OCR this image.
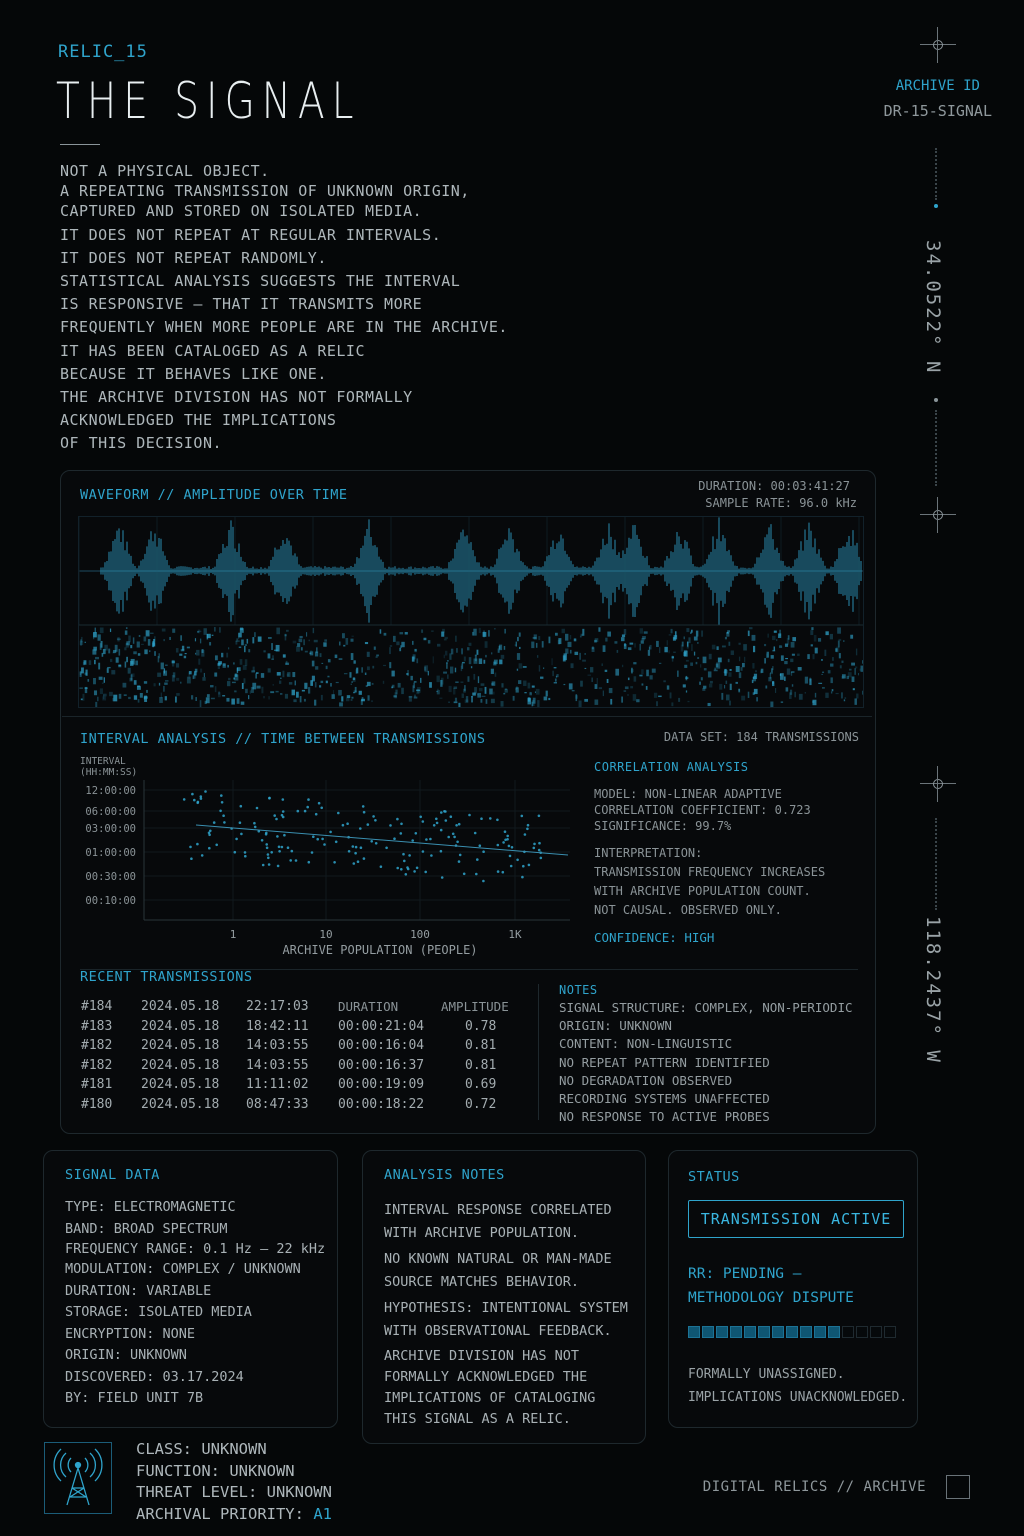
RELIC_15
THE SIGNAL
NOT A PHYSICAL OBJECT.
A REPEATING TRANSMISSION OF UNKNOWN ORIGIN,
CAPTURED AND STORED ON ISOLATED MEDIA.
IT DOES NOT REPEAT AT REGULAR INTERVALS.
IT DOES NOT REPEAT RANDOMLY.
STATISTICAL ANALYSIS SUGGESTS THE INTERVAL
IS RESPONSIVE — THAT IT TRANSMITS MORE
FREQUENTLY WHEN MORE PEOPLE ARE IN THE ARCHIVE.
IT HAS BEEN CATALOGED AS A RELIC
BECAUSE IT BEHAVES LIKE ONE.
THE ARCHIVE DIVISION HAS NOT FORMALLY
ACKNOWLEDGED THE IMPLICATIONS
OF THIS DECISION.
ARCHIVE ID
DR-15-SIGNAL
34.0522° N
118.2437° W
WAVEFORM // AMPLITUDE OVER TIME
DURATION: 00:03:41:27
SAMPLE RATE: 96.0 kHz
INTERVAL ANALYSIS // TIME BETWEEN TRANSMISSIONS	DATA SET: 184 TRANSMISSIONS
INTERVAL
(HH:MM:SS)
12:00:00
06:00:00
03:00:00
01:00:00
00:30:00
00:10:00
1	10	100	1K
ARCHIVE POPULATION (PEOPLE)
CORRELATION ANALYSIS
MODEL: NON-LINEAR ADAPTIVE
CORRELATION COEFFICIENT: 0.723
SIGNIFICANCE: 99.7%
INTERPRETATION:
TRANSMISSION FREQUENCY INCREASES
WITH ARCHIVE POPULATION COUNT.
NOT CAUSAL. OBSERVED ONLY.
CONFIDENCE: HIGH
RECENT TRANSMISSIONS
#184	2024.05.18	22:17:03	DURATION	AMPLITUDE
#183	2024.05.18	18:42:11	00:00:21:04	0.78
#182	2024.05.18	14:03:55	00:00:16:04	0.81
#182	2024.05.18	14:03:55	00:00:16:37	0.81
#181	2024.05.18	11:11:02	00:00:19:09	0.69
#180	2024.05.18	08:47:33	00:00:18:22	0.72
NOTES
SIGNAL STRUCTURE: COMPLEX, NON-PERIODIC
ORIGIN: UNKNOWN
CONTENT: NON-LINGUISTIC
NO REPEAT PATTERN IDENTIFIED
NO DEGRADATION OBSERVED
RECORDING SYSTEMS UNAFFECTED
NO RESPONSE TO ACTIVE PROBES
SIGNAL DATA
TYPE: ELECTROMAGNETIC
BAND: BROAD SPECTRUM
FREQUENCY RANGE: 0.1 Hz – 22 kHz
MODULATION: COMPLEX / UNKNOWN
DURATION: VARIABLE
STORAGE: ISOLATED MEDIA
ENCRYPTION: NONE
ORIGIN: UNKNOWN
DISCOVERED: 03.17.2024
BY: FIELD UNIT 7B
ANALYSIS NOTES
INTERVAL RESPONSE CORRELATED
WITH ARCHIVE POPULATION.
NO KNOWN NATURAL OR MAN-MADE
SOURCE MATCHES BEHAVIOR.
HYPOTHESIS: INTENTIONAL SYSTEM
WITH OBSERVATIONAL FEEDBACK.
ARCHIVE DIVISION HAS NOT
FORMALLY ACKNOWLEDGED THE
IMPLICATIONS OF CATALOGING
THIS SIGNAL AS A RELIC.
STATUS
TRANSMISSION ACTIVE
RR: PENDING –
METHODOLOGY DISPUTE
FORMALLY UNASSIGNED.
IMPLICATIONS UNACKNOWLEDGED.
CLASS: UNKNOWN
FUNCTION: UNKNOWN
THREAT LEVEL: UNKNOWN
ARCHIVAL PRIORITY: A1
DIGITAL RELICS // ARCHIVE
